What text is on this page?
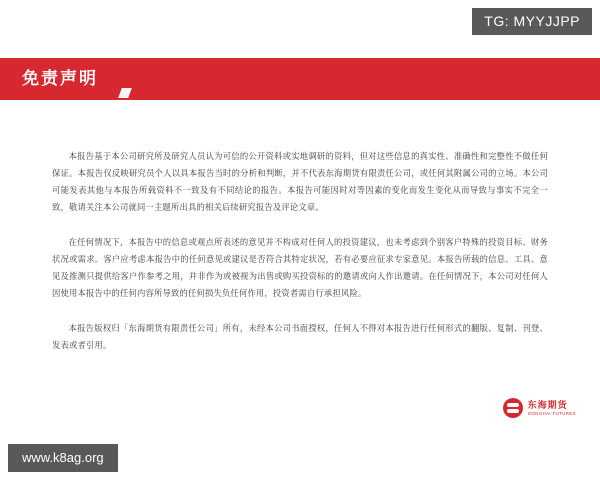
TG: MYYJJPP
免责声明

本报告基于本公司研究所及研究人员认为可信的公开资料或实地调研的资料，但对这些信息的真实性、准确性和完整性不做任何保证。本报告仅反映研究员个人以具本报告当时的分析和判断，并不代表东海期货有限责任公司，或任何其附属公司的立场。本公司可能发表其他与本报告所载资料不一致及有不同结论的报告。本报告可能因时对等因素的变化而发生变化从而导致与事实不完全一致，敬请关注本公司就同一主题所出具的相关后续研究报告及评论文章。

在任何情况下，本报告中的信息或观点所表述的意见并不构成对任何人的投资建议，也未考虑到个别客户特殊的投资目标、财务状况或需求。客户应考虑本报告中的任何意见或建议是否符合其特定状况，若有必要应征求专家意见。本报告所载的信息、工具、意见及推测只提供给客户作参考之用，并非作为或被视为出售或购买投资标的的邀请或向人作出邀请。在任何情况下，本公司对任何人因使用本报告中的任何内容所导致的任何损失负任何作用，投资者需自行承担风险。

本报告版权归「东海期货有限责任公司」所有，未经本公司书面授权，任何人不得对本报告进行任何形式的翻版、复制、刊登、发表或者引用。

东海期货
DONGHAI FUTURES
www.k8ag.org
